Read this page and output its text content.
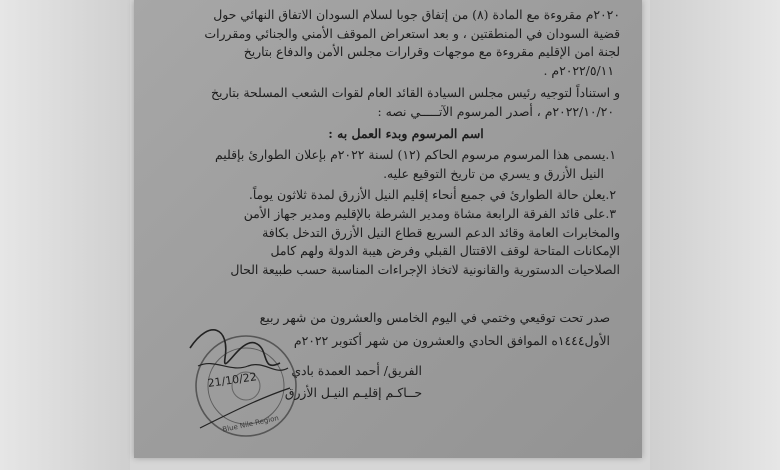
٢٠٢٠م مقروءة مع المادة (٨) من إتفاق جوبا لسلام السودان الاتفاق النهائي حول

قضية السودان في المنطقتين ، و بعد استعراض الموقف الأمني والجنائي ومقررات

لجنة امن الإقليم مقروءة مع موجهات وقرارات مجلس الأمن والدفاع بتاريخ

٢٠٢٢/٥/١١م .

و استناداً لتوجيه رئيس مجلس السيادة القائد العام لقوات الشعب المسلحة بتاريخ

٢٠٢٢/١٠/٢٠م ، أصدر المرسوم الآتـــــي نصه :

اسم المرسوم وبدء العمل به :

١.يسمى هذا المرسوم مرسوم الحاكم (١٢) لسنة ٢٠٢٢م بإعلان الطوارئ بإقليم

النيل الأزرق و يسري من تاريخ التوقيع عليه.

٢.يعلن حالة الطوارئ في جميع أنحاء إقليم النيل الأزرق لمدة ثلاثون يوماً.

٣.على قائد الفرقة الرابعة مشاة ومدير الشرطة بالإقليم ومدير جهاز الأمن

والمخابرات العامة وقائد الدعم السريع قطاع النيل الأزرق التدخل بكافة

الإمكانات المتاحة لوقف الاقتتال القبلي وفرض هيبة الدولة ولهم كامل

الصلاحيات الدستورية والقانونية لاتخاذ الإجراءات المناسبة حسب طبيعة الحال

صدر تحت توقيعي وختمي في اليوم الخامس والعشرون من شهر ربيع

الأول١٤٤٤ه الموافق الحادي والعشرون من شهر أكتوبر ٢٠٢٢م

21/10/22
Blue Nile Region

الفريق/ أحمد العمدة بادي

حــاكـم إقليـم النيـل الأزرق
